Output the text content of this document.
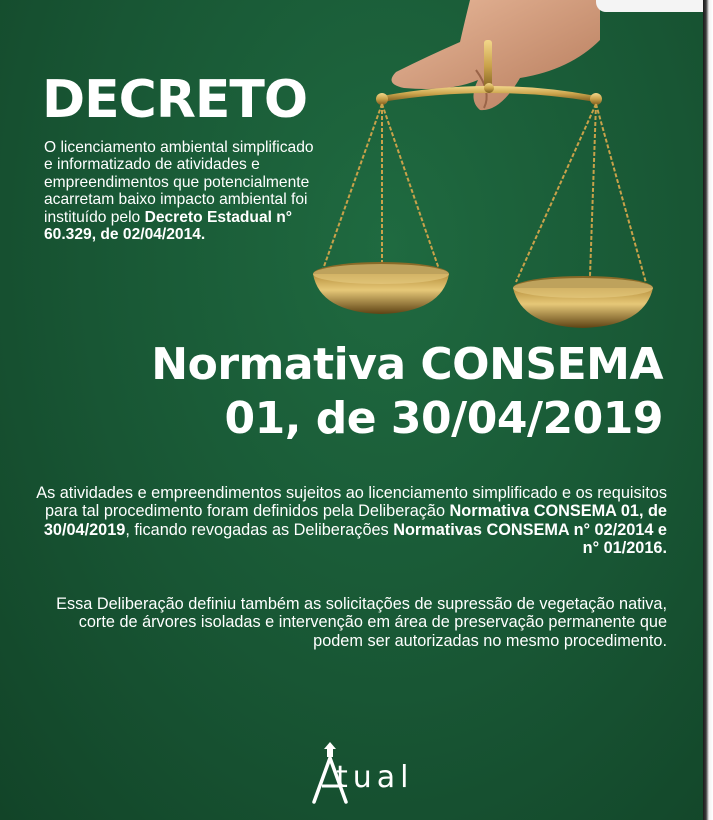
DECRETO

O licenciamento ambiental simplificado e informatizado de atividades e empreendimentos que potencialmente acarretam baixo impacto ambiental foi instituído pelo Decreto Estadual n° 60.329, de 02/04/2014.

Normativa CONSEMA
01, de 30/04/2019

As atividades e empreendimentos sujeitos ao licenciamento simplificado e os requisitos para tal procedimento foram definidos pela Deliberação Normativa CONSEMA 01, de 30/04/2019, ficando revogadas as Deliberações Normativas CONSEMA n° 02/2014 e n° 01/2016.

Essa Deliberação definiu também as solicitações de supressão de vegetação nativa, corte de árvores isoladas e intervenção em área de preservação permanente que podem ser autorizadas no mesmo procedimento.

tual
